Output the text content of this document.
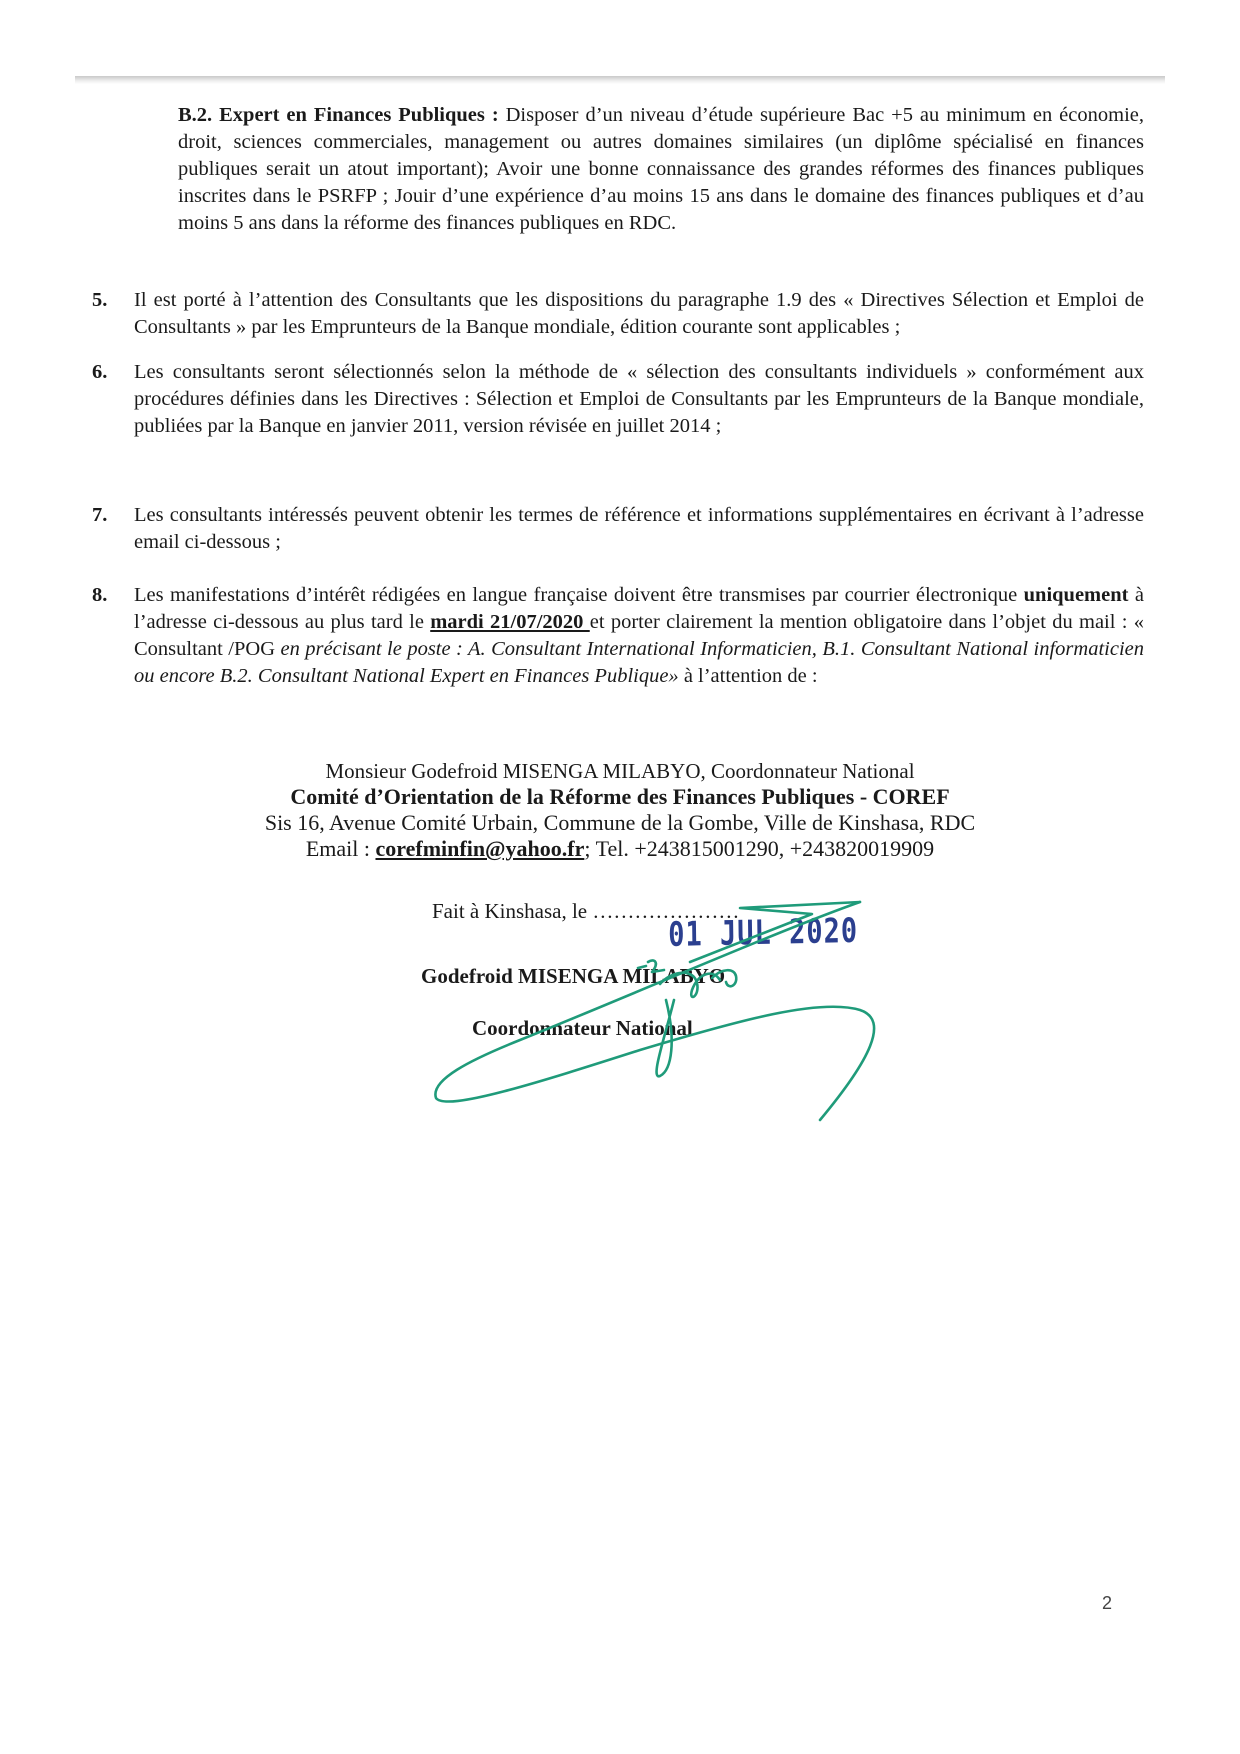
B.2. Expert en Finances Publiques : Disposer d’un niveau d’étude supérieure Bac +5 au minimum en économie, droit, sciences commerciales, management ou autres domaines similaires (un diplôme spécialisé en finances publiques serait un atout important); Avoir une bonne connaissance des grandes réformes des finances publiques inscrites dans le PSRFP ; Jouir d’une expérience d’au moins 15 ans dans le domaine des finances publiques et d’au moins 5 ans dans la réforme des finances publiques en RDC.
5. Il est porté à l’attention des Consultants que les dispositions du paragraphe 1.9 des « Directives Sélection et Emploi de Consultants » par les Emprunteurs de la Banque mondiale, édition courante sont applicables ;
6. Les consultants seront sélectionnés selon la méthode de « sélection des consultants individuels » conformément aux procédures définies dans les Directives : Sélection et Emploi de Consultants par les Emprunteurs de la Banque mondiale, publiées par la Banque en janvier 2011, version révisée en juillet 2014 ;
7. Les consultants intéressés peuvent obtenir les termes de référence et informations supplémentaires en écrivant à l’adresse email ci-dessous ;
8. Les manifestations d’intérêt rédigées en langue française doivent être transmises par courrier électronique uniquement à l’adresse ci-dessous au plus tard le mardi 21/07/2020 et porter clairement la mention obligatoire dans l’objet du mail : « Consultant /POG en précisant le poste : A. Consultant International Informaticien, B.1. Consultant National informaticien ou encore B.2. Consultant National Expert en Finances Publique» à l’attention de :
Monsieur Godefroid MISENGA MILABYO, Coordonnateur National
Comité d’Orientation de la Réforme des Finances Publiques - COREF
Sis 16, Avenue Comité Urbain, Commune de la Gombe, Ville de Kinshasa, RDC
Email : corefminfin@yahoo.fr; Tel. +243815001290, +243820019909
Fait à Kinshasa, le …………………
Godefroid MISENGA MILABYO
Coordonnateur National
01 JUL 2020
2
